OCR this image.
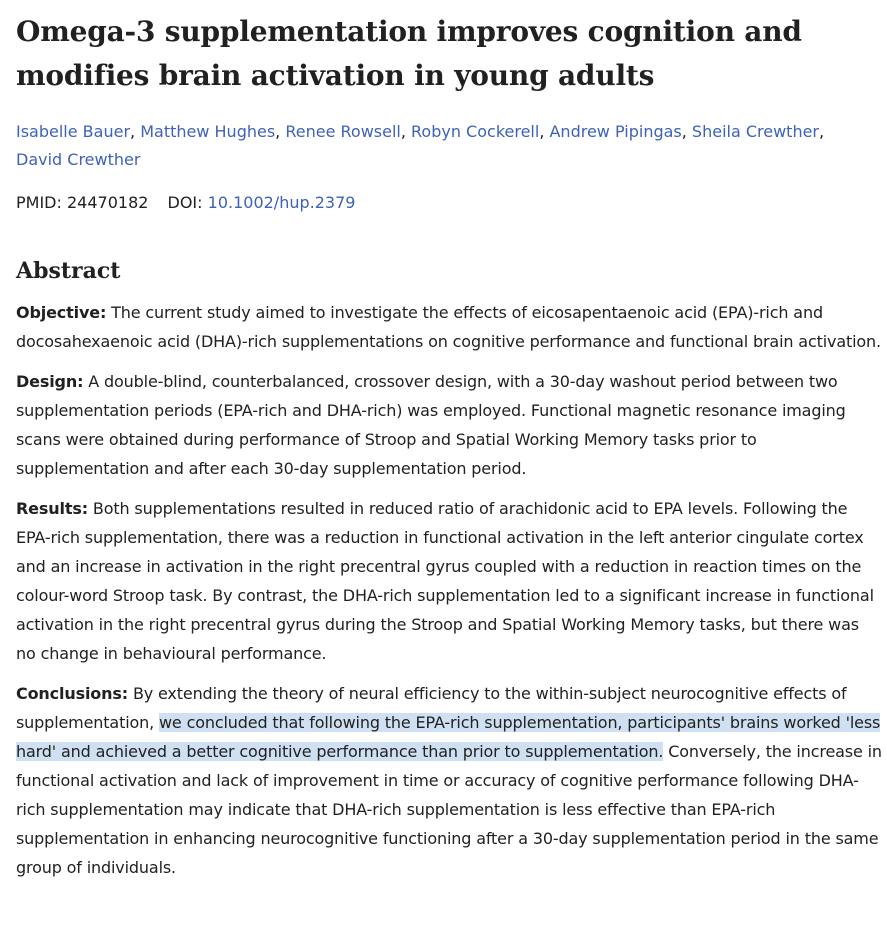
Omega-3 supplementation improves cognition and modifies brain activation in young adults
Isabelle Bauer, Matthew Hughes, Renee Rowsell, Robyn Cockerell, Andrew Pipingas, Sheila Crewther,
David Crewther
PMID: 24470182 DOI: 10.1002/hup.2379
Abstract

Objective: The current study aimed to investigate the effects of eicosapentaenoic acid (EPA)-rich and docosahexaenoic acid (DHA)-rich supplementations on cognitive performance and functional brain activation.

Design: A double-blind, counterbalanced, crossover design, with a 30-day washout period between two supplementation periods (EPA-rich and DHA-rich) was employed. Functional magnetic resonance imaging scans were obtained during performance of Stroop and Spatial Working Memory tasks prior to supplementation and after each 30-day supplementation period.

Results: Both supplementations resulted in reduced ratio of arachidonic acid to EPA levels. Following the EPA-rich supplementation, there was a reduction in functional activation in the left anterior cingulate cortex and an increase in activation in the right precentral gyrus coupled with a reduction in reaction times on the colour-word Stroop task. By contrast, the DHA-rich supplementation led to a significant increase in functional activation in the right precentral gyrus during the Stroop and Spatial Working Memory tasks, but there was no change in behavioural performance.

Conclusions: By extending the theory of neural efficiency to the within-subject neurocognitive effects of supplementation, we concluded that following the EPA-rich supplementation, participants' brains worked 'less hard' and achieved a better cognitive performance than prior to supplementation. Conversely, the increase in functional activation and lack of improvement in time or accuracy of cognitive performance following DHA-rich supplementation may indicate that DHA-rich supplementation is less effective than EPA-rich supplementation in enhancing neurocognitive functioning after a 30-day supplementation period in the same group of individuals.
